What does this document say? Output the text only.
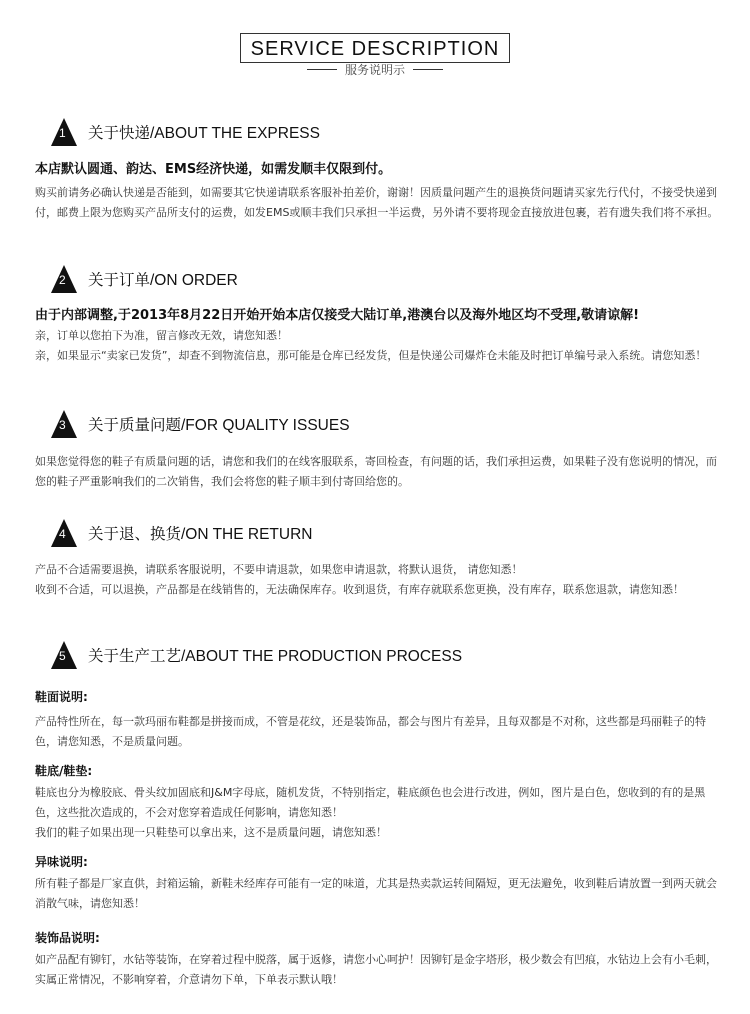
SERVICE DESCRIPTION
服务说明示
1 关于快递/ABOUT THE EXPRESS

本店默认圆通、韵达、EMS经济快递，如需发顺丰仅限到付。

购买前请务必确认快递是否能到，如需要其它快递请联系客服补拍差价，谢谢！因质量问题产生的退换货问题请买家先行代付，不接受快递到付，邮费上限为您购买产品所支付的运费，如发EMS或顺丰我们只承担一半运费，另外请不要将现金直接放进包裹，若有遗失我们将不承担。

2 关于订单/ON ORDER

由于内部调整,于2013年8月22日开始开始本店仅接受大陆订单,港澳台以及海外地区均不受理,敬请谅解!

亲，订单以您拍下为准，留言修改无效，请您知悉！

亲，如果显示“卖家已发货”，却查不到物流信息，那可能是仓库已经发货，但是快递公司爆炸仓未能及时把订单编号录入系统。请您知悉！

3 关于质量问题/FOR QUALITY ISSUES

如果您觉得您的鞋子有质量问题的话，请您和我们的在线客服联系，寄回检查，有问题的话，我们承担运费，如果鞋子没有您说明的情况，而您的鞋子严重影响我们的二次销售，我们会将您的鞋子顺丰到付寄回给您的。

4 关于退、换货/ON THE RETURN

产品不合适需要退换，请联系客服说明，不要申请退款，如果您申请退款，将默认退货， 请您知悉！

收到不合适，可以退换，产品都是在线销售的，无法确保库存。收到退货，有库存就联系您更换，没有库存，联系您退款，请您知悉！

5 关于生产工艺/ABOUT THE PRODUCTION PROCESS

鞋面说明:

产品特性所在，每一款玛丽布鞋都是拼接而成，不管是花纹，还是装饰品，都会与图片有差异，且每双都是不对称，这些都是玛丽鞋子的特色，请您知悉，不是质量问题。

鞋底/鞋垫:

鞋底也分为橡胶底、骨头纹加固底和J&M字母底，随机发货，不特别指定，鞋底颜色也会进行改进，例如，图片是白色，您收到的有的是黑色，这些批次造成的，不会对您穿着造成任何影响，请您知悉！

我们的鞋子如果出现一只鞋垫可以拿出来，这不是质量问题，请您知悉！

异味说明:

所有鞋子都是厂家直供，封箱运输，新鞋未经库存可能有一定的味道，尤其是热卖款运转间隔短，更无法避免，收到鞋后请放置一到两天就会消散气味，请您知悉！

装饰品说明:

如产品配有铆钉，水钻等装饰，在穿着过程中脱落，属于返修，请您小心呵护！因铆钉是金字塔形，极少数会有凹痕，水钻边上会有小毛刺，实属正常情况，不影响穿着，介意请勿下单，下单表示默认哦！
